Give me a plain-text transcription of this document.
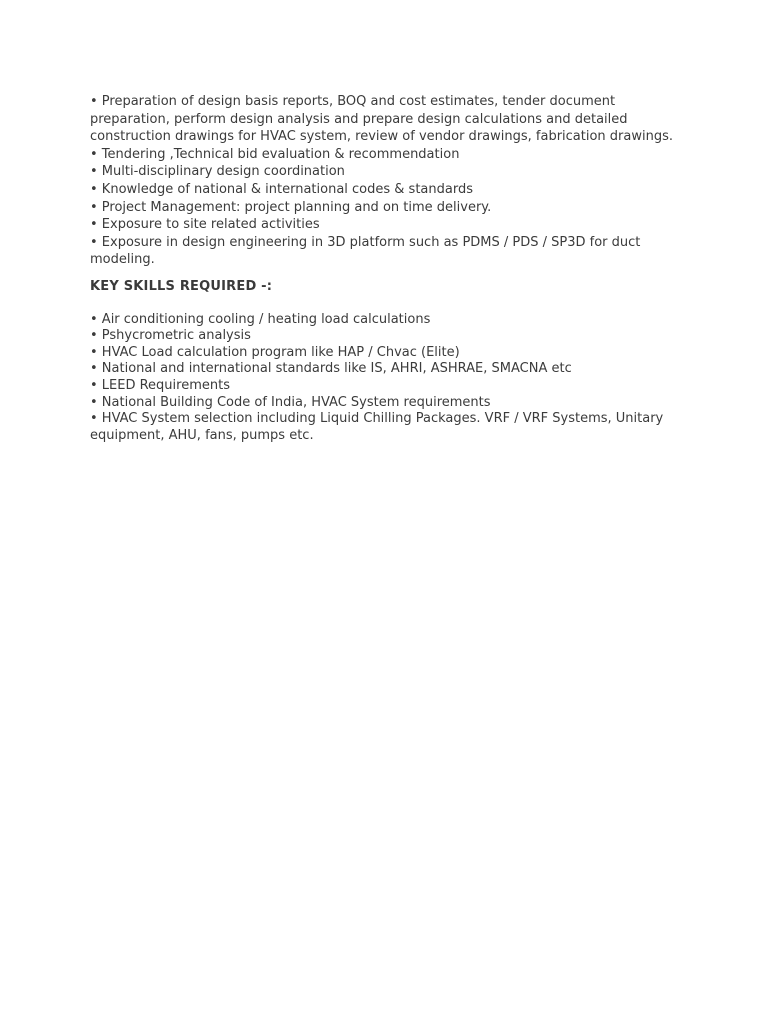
• Preparation of design basis reports, BOQ and cost estimates, tender document preparation, perform design analysis and prepare design calculations and detailed construction drawings for HVAC system, review of vendor drawings, fabrication drawings.

• Tendering ,Technical bid evaluation & recommendation

• Multi-disciplinary design coordination

• Knowledge of national & international codes & standards

• Project Management: project planning and on time delivery.

• Exposure to site related activities

• Exposure in design engineering in 3D platform such as PDMS / PDS / SP3D for duct modeling.

KEY SKILLS REQUIRED -:

• Air conditioning cooling / heating load calculations

• Pshycrometric analysis

• HVAC Load calculation program like HAP / Chvac (Elite)

• National and international standards like IS, AHRI, ASHRAE, SMACNA etc

• LEED Requirements

• National Building Code of India, HVAC System requirements

• HVAC System selection including Liquid Chilling Packages. VRF / VRF Systems, Unitary equipment, AHU, fans, pumps etc.
